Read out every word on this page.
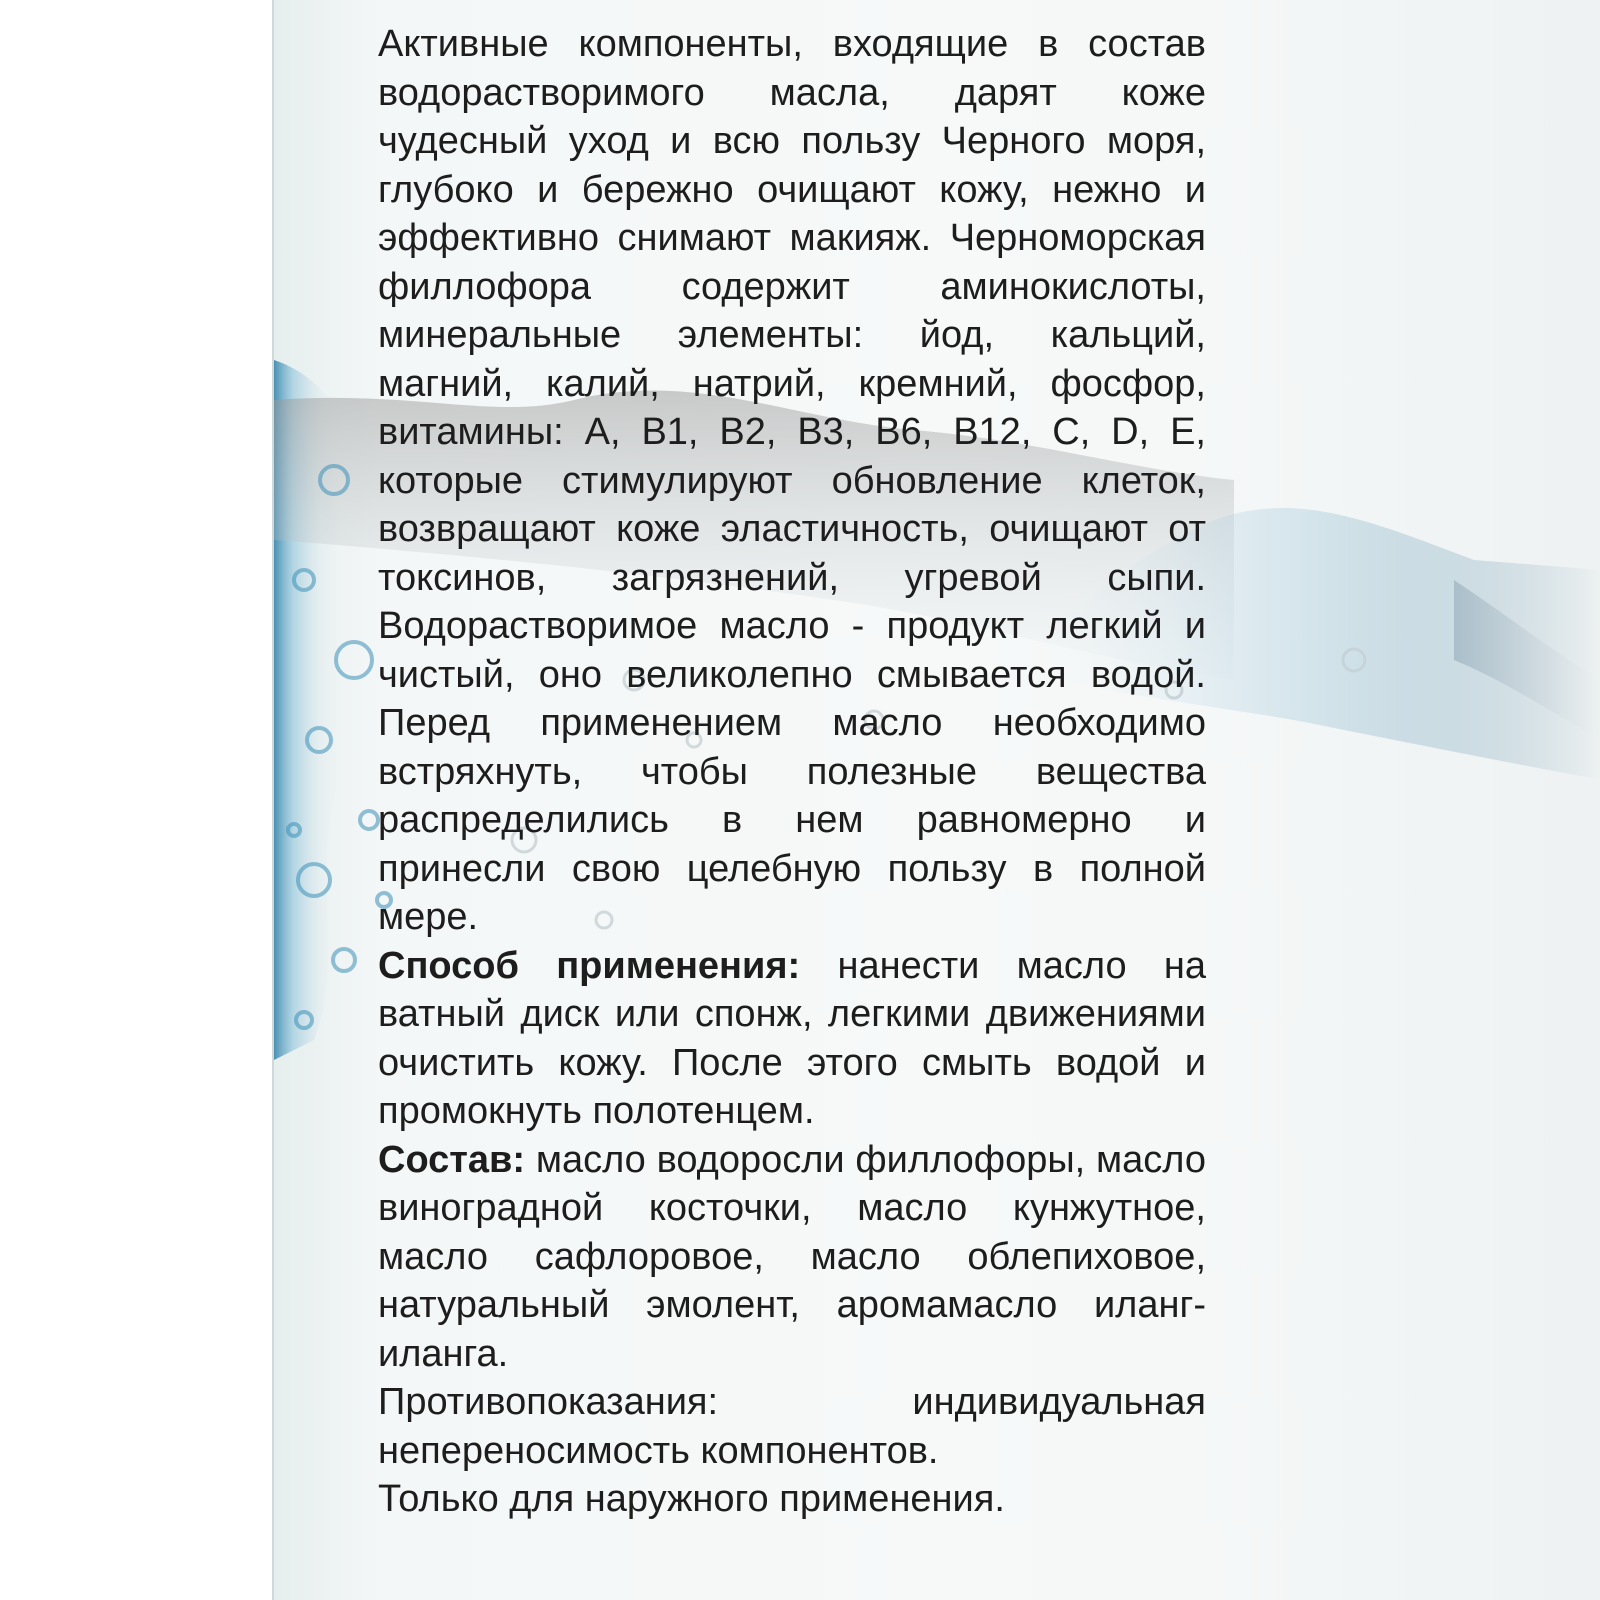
Активные компоненты, входящие в состав водорастворимого масла, дарят коже чудесный уход и всю пользу Черного моря, глубоко и бережно очищают кожу, нежно и эффективно снимают макияж. Черноморская филлофора содержит аминокислоты, минеральные элементы: йод, кальций, магний, калий, натрий, кремний, фосфор, витамины: A, B1, B2, B3, B6, B12, C, D, E, которые стимулируют обновление клеток, возвращают коже эластичность, очищают от токсинов, загрязнений, угревой сыпи. Водорастворимое масло - продукт легкий и чистый, оно великолепно смывается водой. Перед применением масло необходимо встряхнуть, чтобы полезные вещества распределились в нем равномерно и принесли свою целебную пользу в полной мере.

Способ применения: нанести масло на ватный диск или спонж, легкими движениями очистить кожу. После этого смыть водой и промокнуть полотенцем.

Состав: масло водоросли филлофоры, масло виноградной косточки, масло кунжутное, масло сафлоровое, масло облепиховое, натуральный эмолент, аромамасло иланг-иланга.

Противопоказания: индивидуальная непереносимость компонентов.

Только для наружного применения.
